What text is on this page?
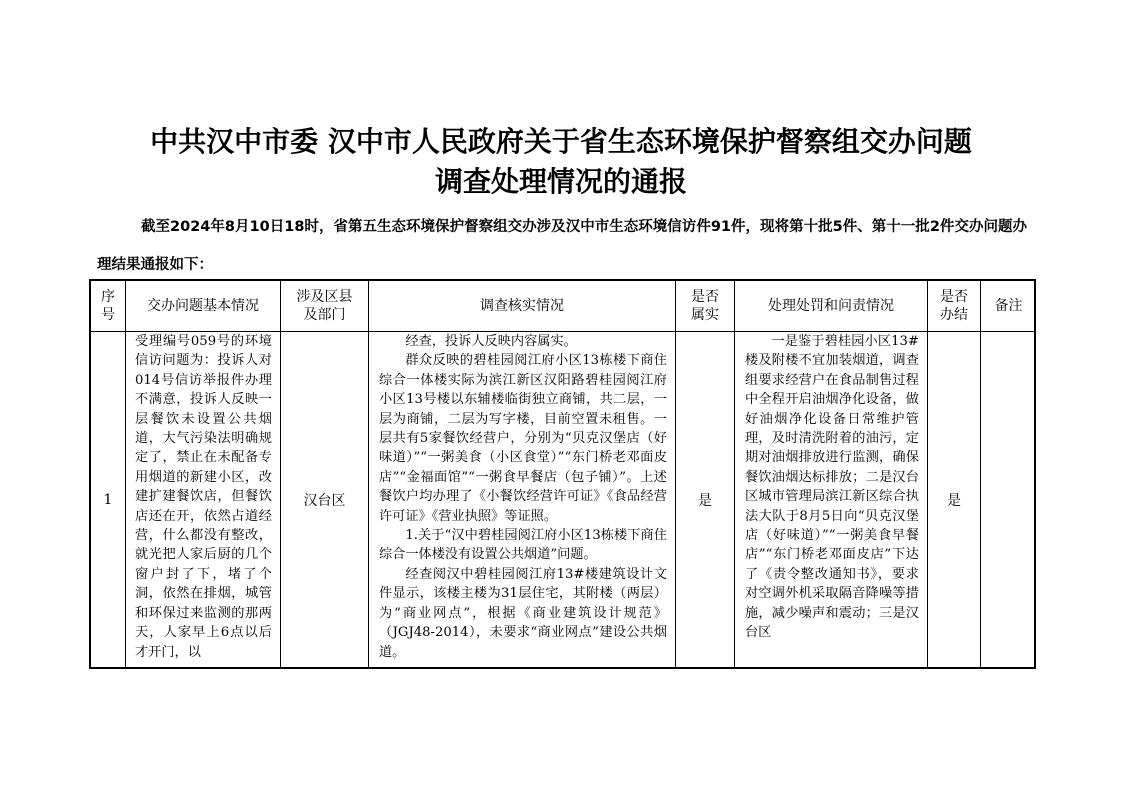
中共汉中市委 汉中市人民政府关于省生态环境保护督察组交办问题
调查处理情况的通报
截至2024年8月10日18时，省第五生态环境保护督察组交办涉及汉中市生态环境信访件91件，现将第十批5件、第十一批2件交办问题办理结果通报如下：
序号
交办问题基本情况
涉及区县及部门
调查核实情况
是否属实
处理处罚和问责情况
是否办结
备注
1

受理编号059号的环境信访问题为：投诉人对014号信访举报件办理不满意，投诉人反映一层餐饮未设置公共烟道，大气污染法明确规定了，禁止在未配备专用烟道的新建小区，改建扩建餐饮店，但餐饮店还在开，依然占道经营，什么都没有整改，就光把人家后厨的几个窗户封了下，堵了个洞，依然在排烟，城管和环保过来监测的那两天，人家早上6点以后才开门，以

汉台区

经查，投诉人反映内容属实。

群众反映的碧桂园阅江府小区13栋楼下商住综合一体楼实际为滨江新区汉阳路碧桂园阅江府小区13号楼以东辅楼临街独立商铺，共二层，一层为商铺，二层为写字楼，目前空置未租售。一层共有5家餐饮经营户，分别为“贝克汉堡店（好味道）”“一粥美食（小区食堂）”“东门桥老邓面皮店”“金福面馆”“一粥食早餐店（包子铺）”。上述餐饮户均办理了《小餐饮经营许可证》《食品经营许可证》《营业执照》等证照。

1.关于“汉中碧桂园阅江府小区13栋楼下商住综合一体楼没有设置公共烟道”问题。

经查阅汉中碧桂园阅江府13#楼建筑设计文件显示，该楼主楼为31层住宅，其附楼（两层）为“商业网点”，根据《商业建筑设计规范》（JGJ48-2014），未要求“商业网点”建设公共烟道。

是

一是鉴于碧桂园小区13#楼及附楼不宜加装烟道，调查组要求经营户在食品制售过程中全程开启油烟净化设备，做好油烟净化设备日常维护管理，及时清洗附着的油污，定期对油烟排放进行监测，确保餐饮油烟达标排放；二是汉台区城市管理局滨江新区综合执法大队于8月5日向“贝克汉堡店（好味道）”“一粥美食早餐店”“东门桥老邓面皮店”下达了《责令整改通知书》，要求对空调外机采取隔音降噪等措施，减少噪声和震动；三是汉台区

是
